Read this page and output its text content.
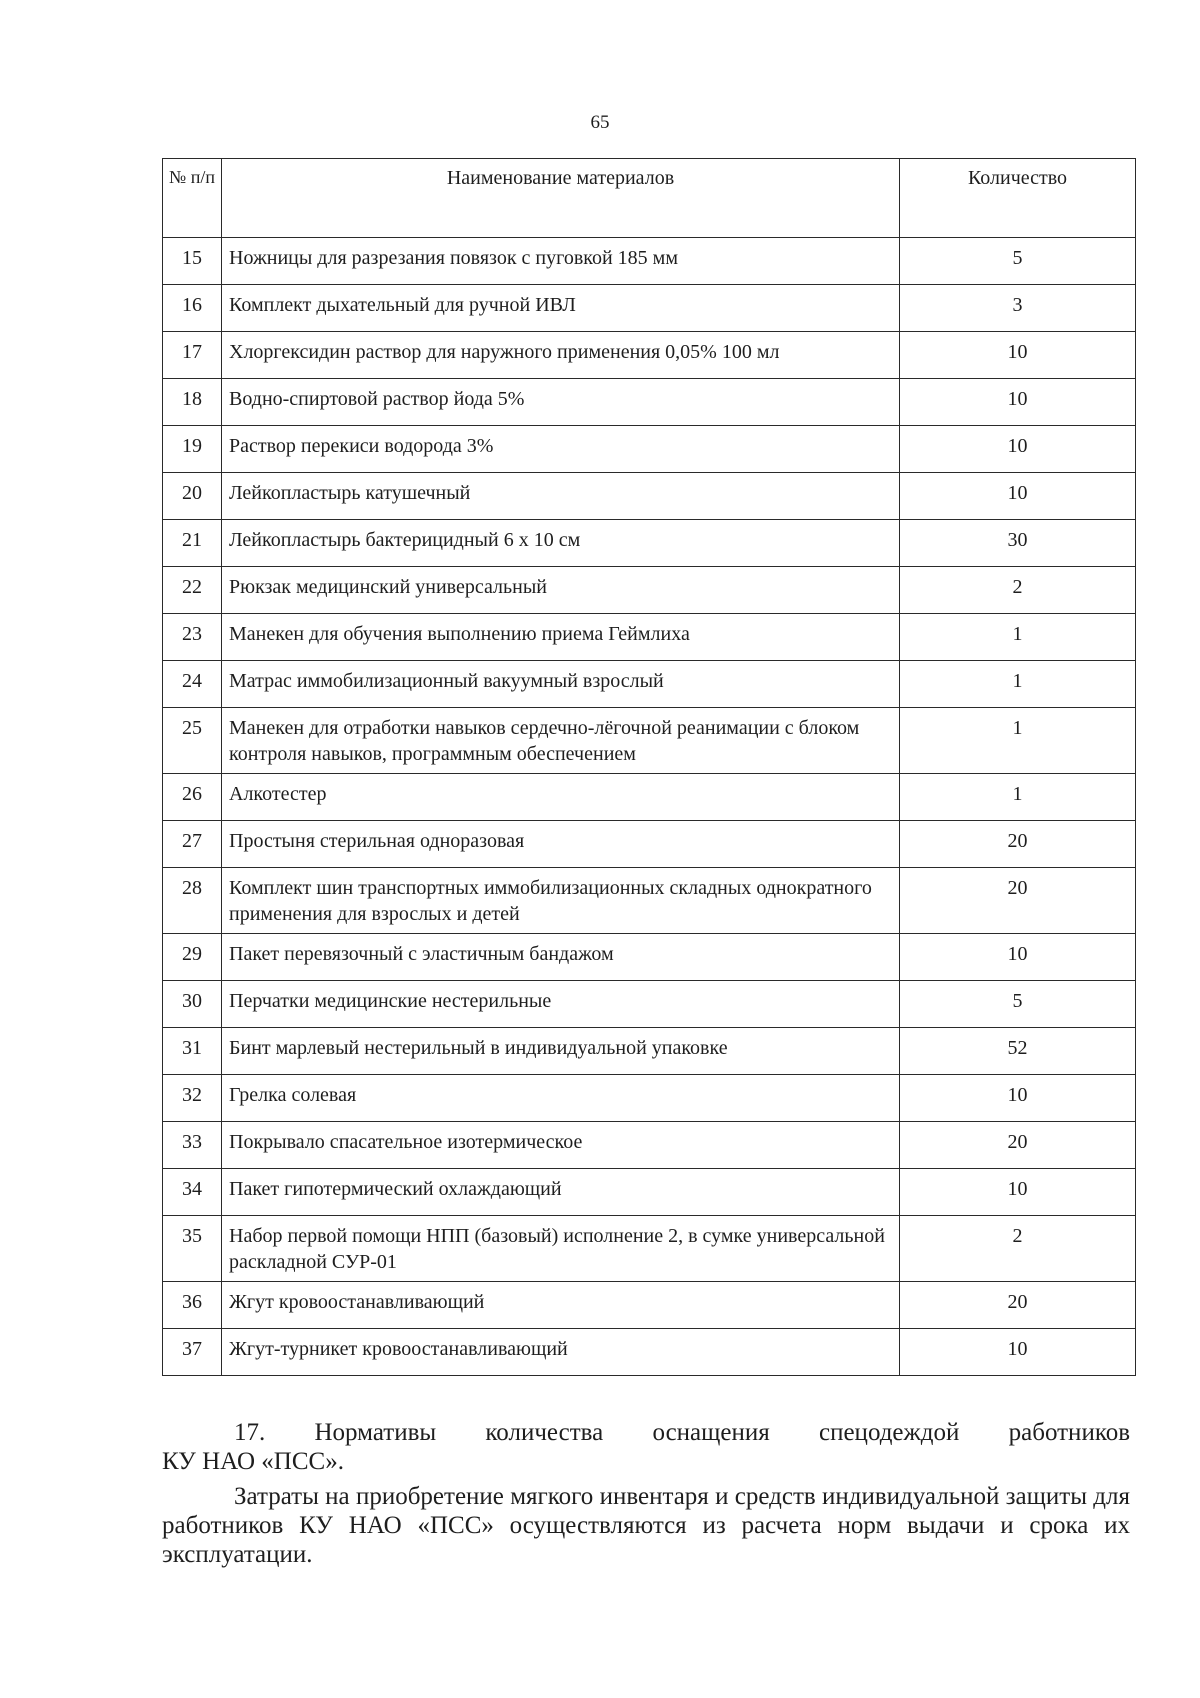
65
№ п/п	Наименование материалов	Количество
15	Ножницы для разрезания повязок с пуговкой 185 мм	5
16	Комплект дыхательный для ручной ИВЛ	3
17	Хлоргексидин раствор для наружного применения 0,05% 100 мл	10
18	Водно-спиртовой раствор йода 5%	10
19	Раствор перекиси водорода 3%	10
20	Лейкопластырь катушечный	10
21	Лейкопластырь бактерицидный 6 х 10 см	30
22	Рюкзак медицинский универсальный	2
23	Манекен для обучения выполнению приема Геймлиха	1
24	Матрас иммобилизационный вакуумный взрослый	1
25	Манекен для отработки навыков сердечно-лёгочной реанимации с блоком контроля навыков, программным обеспечением	1
26	Алкотестер	1
27	Простыня стерильная одноразовая	20
28	Комплект шин транспортных иммобилизационных складных однократного применения для взрослых и детей	20
29	Пакет перевязочный с эластичным бандажом	10
30	Перчатки медицинские нестерильные	5
31	Бинт марлевый нестерильный в индивидуальной упаковке	52
32	Грелка солевая	10
33	Покрывало спасательное изотермическое	20
34	Пакет гипотермический охлаждающий	10
35	Набор первой помощи НПП (базовый) исполнение 2, в сумке универсальной раскладной СУР-01	2
36	Жгут кровоостанавливающий	20
37	Жгут-турникет кровоостанавливающий	10

17. Нормативы количества оснащения спецодеждой работников

КУ НАО «ПСС».

Затраты на приобретение мягкого инвентаря и средств индивидуальной защиты для работников КУ НАО «ПСС» осуществляются из расчета норм выдачи и срока их эксплуатации.
